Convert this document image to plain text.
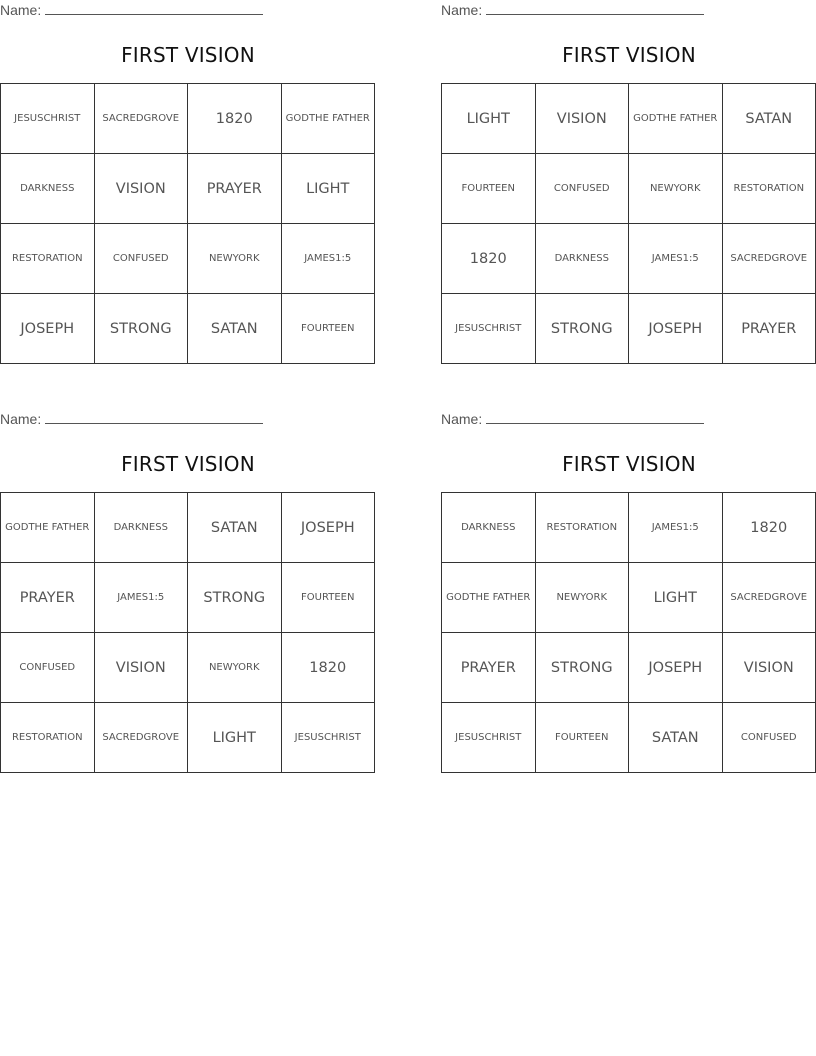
Name:
FIRST VISION
JESUSCHRIST	SACREDGROVE	1820	GODTHE FATHER
DARKNESS	VISION	PRAYER	LIGHT
RESTORATION	CONFUSED	NEWYORK	JAMES1:5
JOSEPH	STRONG	SATAN	FOURTEEN
Name:
FIRST VISION
LIGHT	VISION	GODTHE FATHER	SATAN
FOURTEEN	CONFUSED	NEWYORK	RESTORATION
1820	DARKNESS	JAMES1:5	SACREDGROVE
JESUSCHRIST	STRONG	JOSEPH	PRAYER
Name:
FIRST VISION
GODTHE FATHER	DARKNESS	SATAN	JOSEPH
PRAYER	JAMES1:5	STRONG	FOURTEEN
CONFUSED	VISION	NEWYORK	1820
RESTORATION	SACREDGROVE	LIGHT	JESUSCHRIST
Name:
FIRST VISION
DARKNESS	RESTORATION	JAMES1:5	1820
GODTHE FATHER	NEWYORK	LIGHT	SACREDGROVE
PRAYER	STRONG	JOSEPH	VISION
JESUSCHRIST	FOURTEEN	SATAN	CONFUSED
